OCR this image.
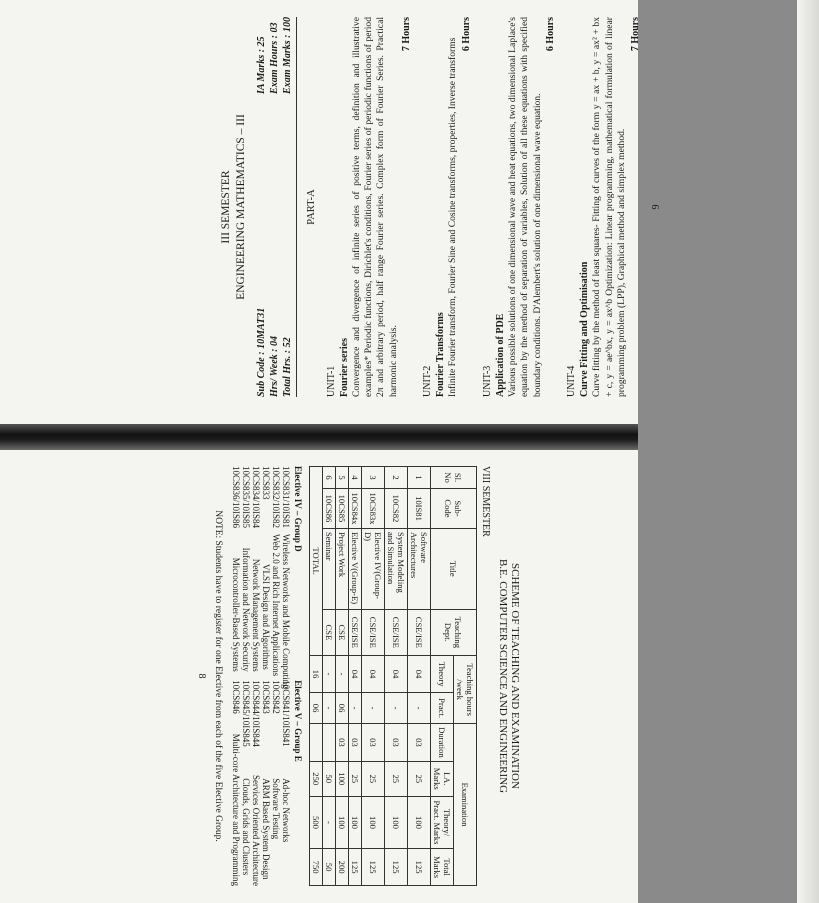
III SEMESTER ENGINEERING MATHEMATICS – III

Sub Code : 10MAT31
Hrs/ Week : 04
Total Hrs. : 52
IA Marks : 25 Exam Hours : 03
Exam Marks : 100

PART-A

UNIT-1 Fourier series Convergence and divergence of infinite series of positive terms, definition and illustrative examples* Periodic functions, Dirichlet's conditions, Fourier series of periodic functions of period 2π and arbitrary period, half range Fourier series. Complex form of Fourier Series. Practical harmonic analysis.
7 Hours
UNIT-2 Fourier Transforms Infinite Fourier transform, Fourier Sine and Cosine transforms, properties, Inverse transforms
6 Hours
UNIT-3 Application of PDE Various possible solutions of one dimensional wave and heat equations, two dimensional Laplace's equation by the method of separation of variables, Solution of all these equations with specified boundary conditions. D'Alembert's solution of one dimensional wave equation.
6 Hours
UNIT-4 Curve Fitting and Optimisation Curve fitting by the method of least squares- Fitting of curves of the form y = ax + b, y = ax² + bx + c, y = ae^bx, y = ax^b Optimization: Linear programming, mathematical formulation of linear programming problem (LPP), Graphical method and simplex method.
7 Hours
9

SCHEME OF TEACHING AND EXAMINATION

B.E. COMPUTER SCIENCE AND ENGINEERING

VIII SEMESTER

Sl. No	Sub-Code	Title	Teaching Dept.	Teaching hours /week		Examination			
				Theory	Pract.	Duration	I.A. Marks	Theory/ Pract. Marks	Total Marks
1	10IS81	Software Architectures	CSE/ISE	04	-	03	25	100	125
2	10CS82	System Modeling and Simulation	CSE/ISE	04	-	03	25	100	125
3	10CS83x	Elective IV(Group-D)	CSE/ISE	04	-	03	25	100	125
4	10CS84x	Elective V(Group-E)	CSE/ISE	04	-	03	25	100	125
5	10CS85	Project Work	CSE	-	06	03	100	100	200
6	10CS86	Seminar	CSE	-	-		50	-	50
TOTAL				16	06		250	500	750
Elective IV – Group D
10CS831/10IS81
Wireless Networks and Mobile Computing
10CS832/10IS82
Web 2.0 and Rich Internet Applications
10CS833
VLSI Design and Algorithms
10CS834/10IS84
Network Management Systems
10CS835/10IS85
Information and Network Security
10CS836/10IS86
Microcontroller-Based Systems
Elective V – Group E
10CS841/10IS841
Ad-hoc Networks
10CS842
Software Testing
10CS843
ARM Based System Design
10CS844/10IS844
Services Oriented Architecture
10CS845/10IS845
Clouds, Grids and Clusters
10CS846
Multi-core Architecture and Programming
NOTE: Students have to register for one Elective from each of the five Elective Group.
8
